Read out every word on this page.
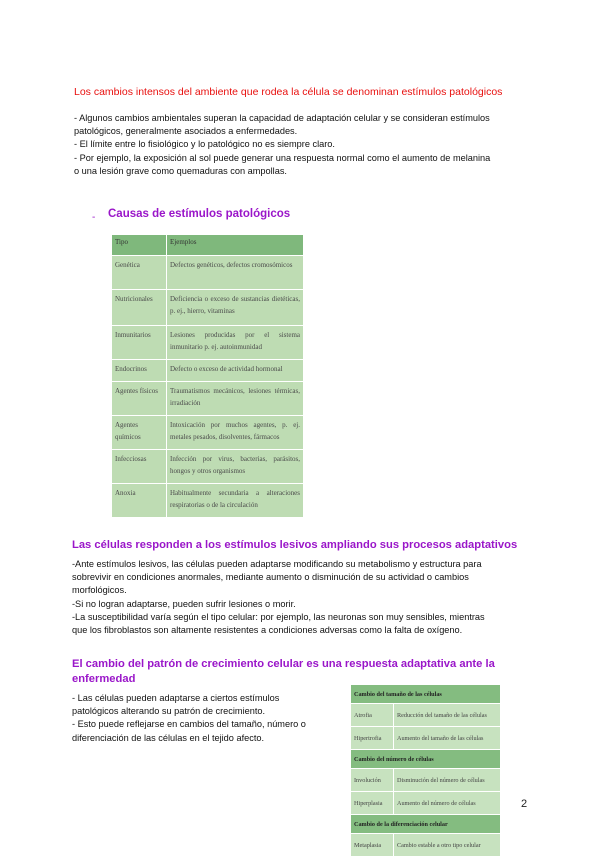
Los cambios intensos del ambiente que rodea la célula se denominan estímulos patológicos

- Algunos cambios ambientales superan la capacidad de adaptación celular y se consideran estímulos patológicos, generalmente asociados a enfermedades.

- El límite entre lo fisiológico y lo patológico no es siempre claro.

- Por ejemplo, la exposición al sol puede generar una respuesta normal como el aumento de melanina o una lesión grave como quemaduras con ampollas.

- Causas de estímulos patológicos
Tipo	Ejemplos
Genética	Defectos genéticos, defectos cromosómicos
Nutricionales	Deficiencia o exceso de sustancias dietéticas, p. ej., hierro, vitaminas
Inmunitarios	Lesiones producidas por el sistema inmunitario p. ej. autoinmunidad
Endocrinos	Defecto o exceso de actividad hormonal
Agentes físicos	Traumatismos mecánicos, lesiones térmicas, irradiación
Agentes químicos	Intoxicación por muchos agentes, p. ej. metales pesados, disolventes, fármacos
Infecciosas	Infección por virus, bacterias, parásitos, hongos y otros organismos
Anoxia	Habitualmente secundaria a alteraciones respiratorias o de la circulación
Las células responden a los estímulos lesivos ampliando sus procesos adaptativos

-Ante estímulos lesivos, las células pueden adaptarse modificando su metabolismo y estructura para sobrevivir en condiciones anormales, mediante aumento o disminución de su actividad o cambios morfológicos.

-Si no logran adaptarse, pueden sufrir lesiones o morir.

-La susceptibilidad varía según el tipo celular: por ejemplo, las neuronas son muy sensibles, mientras que los fibroblastos son altamente resistentes a condiciones adversas como la falta de oxígeno.

El cambio del patrón de crecimiento celular es una respuesta adaptativa ante la enfermedad

- Las células pueden adaptarse a ciertos estímulos patológicos alterando su patrón de crecimiento.

- Esto puede reflejarse en cambios del tamaño, número o diferenciación de las células en el tejido afecto.

Cambio del tamaño de las células	
Atrofia	Reducción del tamaño de las células
Hipertrofia	Aumento del tamaño de las células
Cambio del número de células	
Involución	Disminución del número de células
Hiperplasia	Aumento del número de células
Cambio de la diferenciación celular	
Metaplasia	Cambio estable a otro tipo celular
2
